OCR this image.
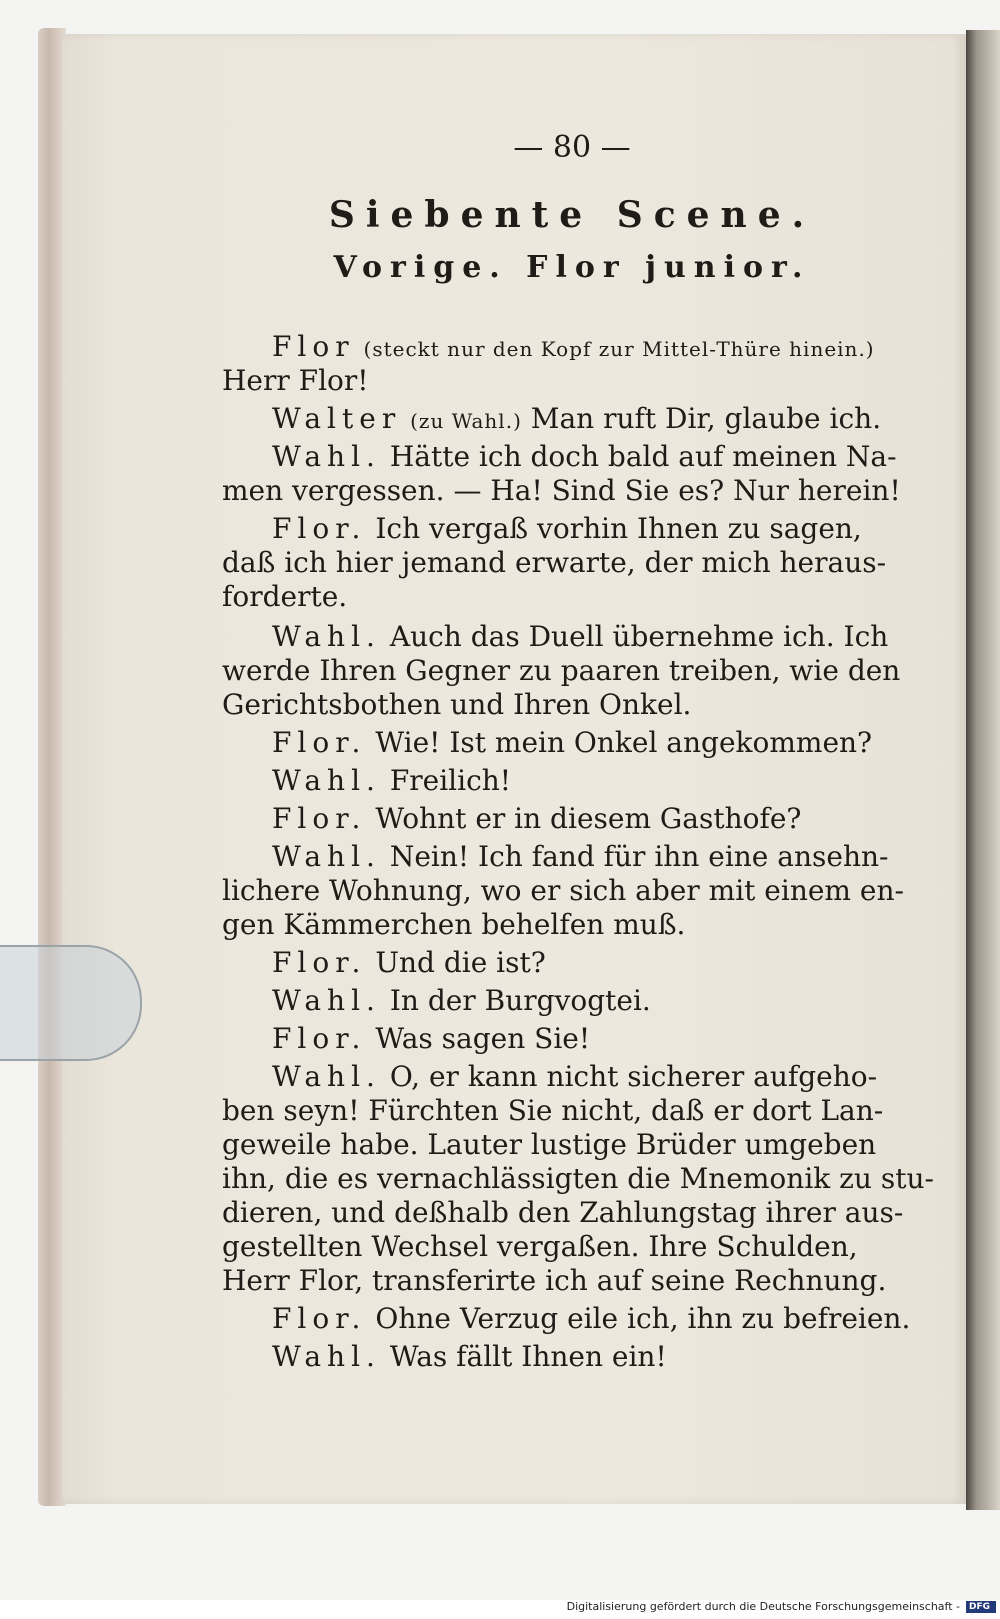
— 80 —
Siebente Scene.
Vorige. Flor junior.
Flor (steckt nur den Kopf zur Mittel-Thüre hinein.)
Herr Flor!
Walter (zu Wahl.) Man ruft Dir, glaube ich.
Wahl. Hätte ich doch bald auf meinen Na-
men vergessen. — Ha! Sind Sie es? Nur herein!
Flor. Ich vergaß vorhin Ihnen zu sagen,
daß ich hier jemand erwarte, der mich heraus-
forderte.
Wahl. Auch das Duell übernehme ich. Ich
werde Ihren Gegner zu paaren treiben, wie den
Gerichtsbothen und Ihren Onkel.
Flor. Wie! Ist mein Onkel angekommen?
Wahl. Freilich!
Flor. Wohnt er in diesem Gasthofe?
Wahl. Nein! Ich fand für ihn eine ansehn-
lichere Wohnung, wo er sich aber mit einem en-
gen Kämmerchen behelfen muß.
Flor. Und die ist?
Wahl. In der Burgvogtei.
Flor. Was sagen Sie!
Wahl. O, er kann nicht sicherer aufgeho-
ben seyn! Fürchten Sie nicht, daß er dort Lan-
geweile habe. Lauter lustige Brüder umgeben
ihn, die es vernachlässigten die Mnemonik zu stu-
dieren, und deßhalb den Zahlungstag ihrer aus-
gestellten Wechsel vergaßen. Ihre Schulden,
Herr Flor, transferirte ich auf seine Rechnung.
Flor. Ohne Verzug eile ich, ihn zu befreien.
Wahl. Was fällt Ihnen ein!
Digitalisierung gefördert durch die Deutsche Forschungsgemeinschaft - DFG
